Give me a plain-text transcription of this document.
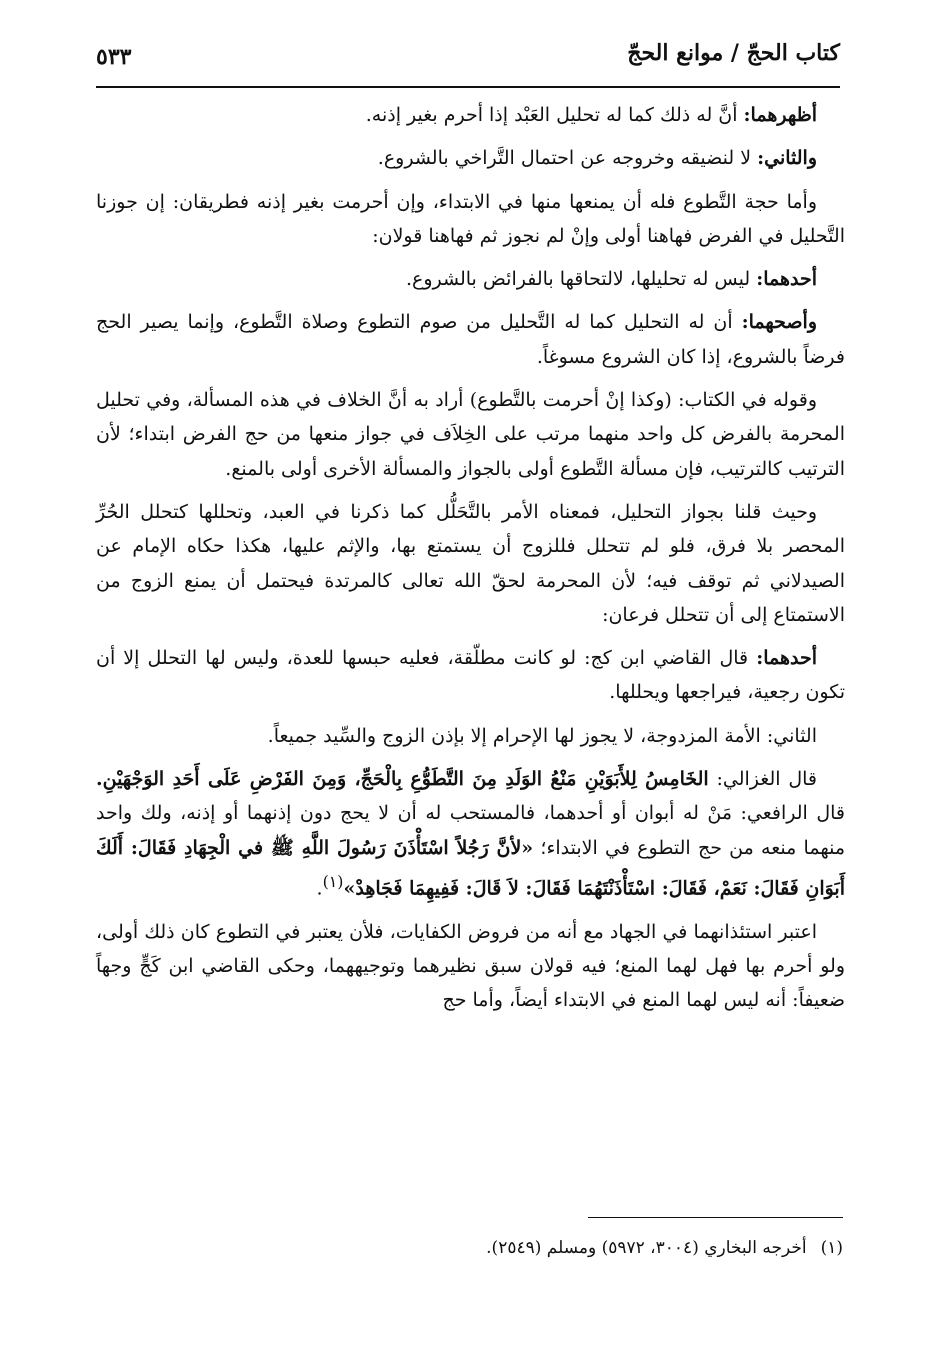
كتاب الحجّ / موانع الحجّ
٥٣٣

أظهرهما: أنَّ له ذلك كما له تحليل العَبْد إذا أحرم بغير إذنه.

والثاني: لا لنضيقه وخروجه عن احتمال التَّراخي بالشروع.

وأما حجة التَّطوع فله أن يمنعها منها في الابتداء، وإن أحرمت بغير إذنه فطريقان: إن جوزنا التَّحليل في الفرض فهاهنا أولى وإنْ لم نجوز ثم فهاهنا قولان:

أحدهما: ليس له تحليلها، لالتحاقها بالفرائض بالشروع.

وأصحهما: أن له التحليل كما له التَّحليل من صوم التطوع وصلاة التَّطوع، وإنما يصير الحج فرضاً بالشروع، إذا كان الشروع مسوغاً.

وقوله في الكتاب: (وكذا إنْ أحرمت بالتَّطوع) أراد به أنَّ الخلاف في هذه المسألة، وفي تحليل المحرمة بالفرض كل واحد منهما مرتب على الخِلاَف في جواز منعها من حج الفرض ابتداء؛ لأن الترتيب كالترتيب، فإن مسألة التَّطوع أولى بالجواز والمسألة الأخرى أولى بالمنع.

وحيث قلنا بجواز التحليل، فمعناه الأمر بالتَّحَلُّل كما ذكرنا في العبد، وتحللها كتحلل الحُرِّ المحصر بلا فرق، فلو لم تتحلل فللزوج أن يستمتع بها، والإثم عليها، هكذا حكاه الإمام عن الصيدلاني ثم توقف فيه؛ لأن المحرمة لحقّ الله تعالى كالمرتدة فيحتمل أن يمنع الزوج من الاستمتاع إلى أن تتحلل فرعان:

أحدهما: قال القاضي ابن كج: لو كانت مطلّقة، فعليه حبسها للعدة، وليس لها التحلل إلا أن تكون رجعية، فيراجعها ويحللها.

الثاني: الأمة المزدوجة، لا يجوز لها الإحرام إلا بإذن الزوج والسِّيد جميعاً.

قال الغزالي: الخَامِسُ لِلأَبَوَيْنِ مَنْعُ الوَلَدِ مِنَ التَّطَوُّعِ بِالْحَجِّ، وَمِنَ الفَرْضِ عَلَى أَحَدِ الوَجْهَيْنِ. قال الرافعي: مَنْ له أبوان أو أحدهما، فالمستحب له أن لا يحج دون إذنهما أو إذنه، ولك واحد منهما منعه من حج التطوع في الابتداء؛ «لأنَّ رَجُلاً اسْتَأْذَنَ رَسُولَ اللَّهِ ﷺ في الْجِهَادِ فَقَالَ: أَلَكَ أَبَوَانِ فَقَالَ: نَعَمْ، فَقَالَ: اسْتَأْذَنْتَهُمَا فَقَالَ: لاَ قَالَ: فَفِيهِمَا فَجَاهِدْ»$^{(١)}$.

اعتبر استئذانهما في الجهاد مع أنه من فروض الكفايات، فلأن يعتبر في التطوع كان ذلك أولى، ولو أحرم بها فهل لهما المنع؛ فيه قولان سبق نظيرهما وتوجيههما، وحكى القاضي ابن كَجٍّ وجهاً ضعيفاً: أنه ليس لهما المنع في الابتداء أيضاً، وأما حج

(١)أخرجه البخاري (٣٠٠٤، ٥٩٧٢) ومسلم (٢٥٤٩).
